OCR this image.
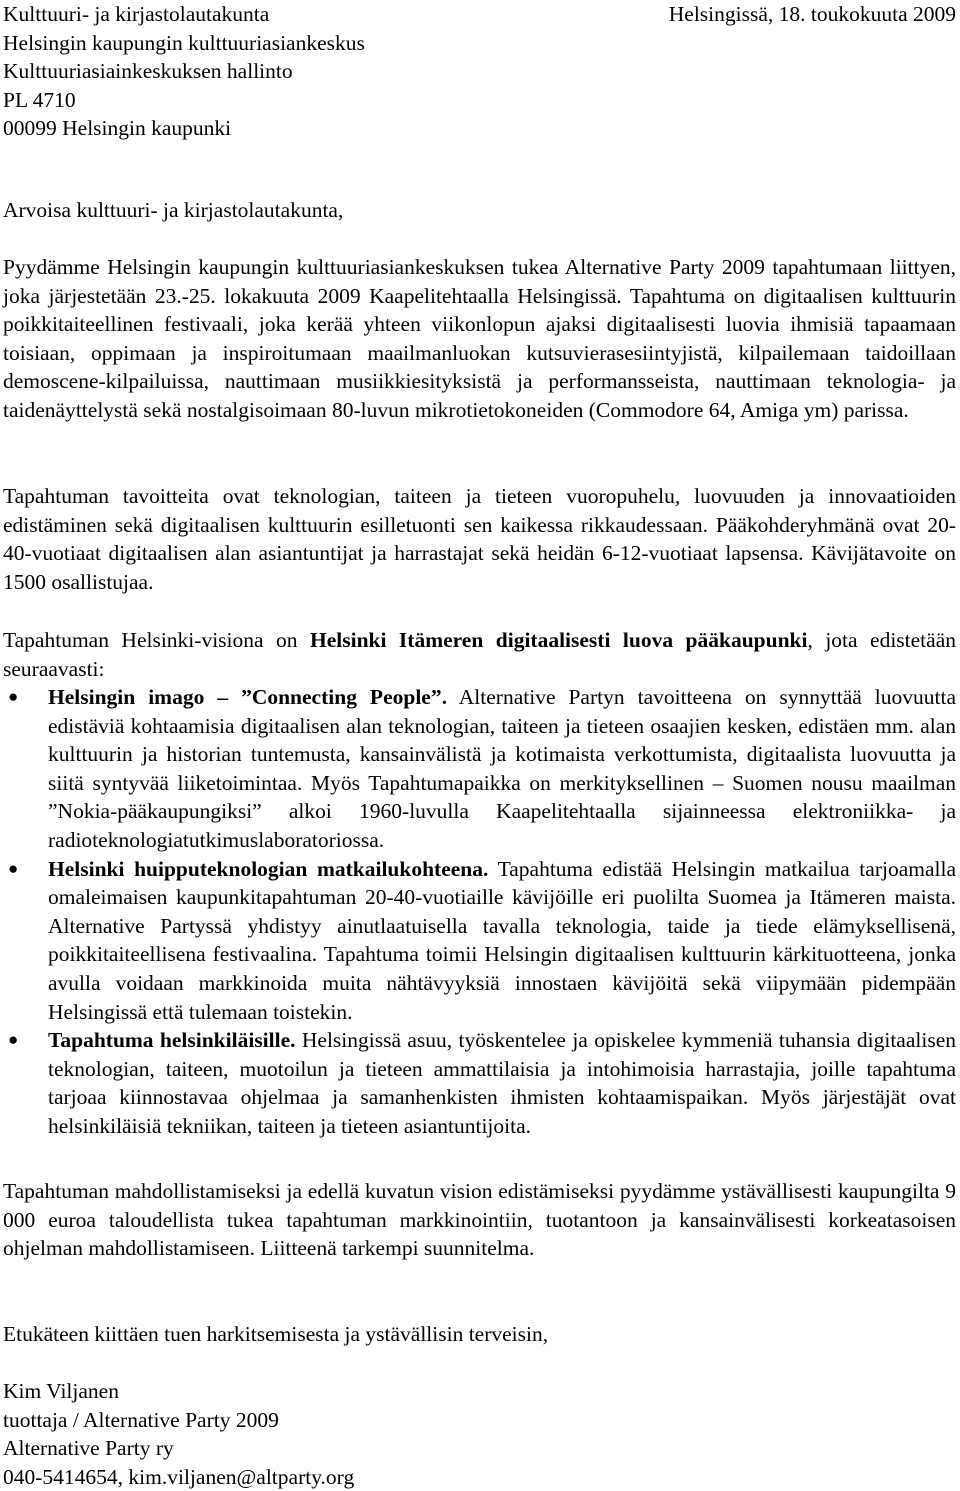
Kulttuuri- ja kirjastolautakunta
Helsingin kaupungin kulttuuriasiankeskus
Kulttuuriasiainkeskuksen hallinto
PL 4710
00099 Helsingin kaupunki
Helsingissä, 18. toukokuuta 2009
Arvoisa kulttuuri- ja kirjastolautakunta,

Pyydämme Helsingin kaupungin kulttuuriasiankeskuksen tukea Alternative Party 2009 tapahtumaan liittyen, joka järjestetään 23.-25. lokakuuta 2009 Kaapelitehtaalla Helsingissä. Tapahtuma on digitaalisen kulttuurin poikkitaiteellinen festivaali, joka kerää yhteen viikonlopun ajaksi digitaalisesti luovia ihmisiä tapaamaan toisiaan, oppimaan ja inspiroitumaan maailmanluokan kutsuvierasesiintyjistä, kilpailemaan taidoillaan demoscene-kilpailuissa, nauttimaan musiikkiesityksistä ja performansseista, nauttimaan teknologia- ja taidenäyttelystä sekä nostalgisoimaan 80-luvun mikrotietokoneiden (Commodore 64, Amiga ym) parissa.

Tapahtuman tavoitteita ovat teknologian, taiteen ja tieteen vuoropuhelu, luovuuden ja innovaatioiden edistäminen sekä digitaalisen kulttuurin esilletuonti sen kaikessa rikkaudessaan. Pääkohderyhmänä ovat 20-40-vuotiaat digitaalisen alan asiantuntijat ja harrastajat sekä heidän 6-12-vuotiaat lapsensa. Kävijätavoite on 1500 osallistujaa.

Tapahtuman Helsinki-visiona on Helsinki Itämeren digitaalisesti luova pääkaupunki, jota edistetään seuraavasti:

● Helsingin imago – ”Connecting People”. Alternative Partyn tavoitteena on synnyttää luovuutta edistäviä kohtaamisia digitaalisen alan teknologian, taiteen ja tieteen osaajien kesken, edistäen mm. alan kulttuurin ja historian tuntemusta, kansainvälistä ja kotimaista verkottumista, digitaalista luovuutta ja siitä syntyvää liiketoimintaa. Myös Tapahtumapaikka on merkityksellinen – Suomen nousu maailman ”Nokia-pääkaupungiksi” alkoi 1960-luvulla Kaapelitehtaalla sijainneessa elektroniikka- ja radioteknologiatutkimuslaboratoriossa.
● Helsinki huipputeknologian matkailukohteena. Tapahtuma edistää Helsingin matkailua tarjoamalla omaleimaisen kaupunkitapahtuman 20-40-vuotiaille kävijöille eri puolilta Suomea ja Itämeren maista. Alternative Partyssä yhdistyy ainutlaatuisella tavalla teknologia, taide ja tiede elämyksellisenä, poikkitaiteellisena festivaalina. Tapahtuma toimii Helsingin digitaalisen kulttuurin kärkituotteena, jonka avulla voidaan markkinoida muita nähtävyyksiä innostaen kävijöitä sekä viipymään pidempään Helsingissä että tulemaan toistekin.
● Tapahtuma helsinkiläisille. Helsingissä asuu, työskentelee ja opiskelee kymmeniä tuhansia digitaalisen teknologian, taiteen, muotoilun ja tieteen ammattilaisia ja intohimoisia harrastajia, joille tapahtuma tarjoaa kiinnostavaa ohjelmaa ja samanhenkisten ihmisten kohtaamispaikan. Myös järjestäjät ovat helsinkiläisiä tekniikan, taiteen ja tieteen asiantuntijoita.

Tapahtuman mahdollistamiseksi ja edellä kuvatun vision edistämiseksi pyydämme ystävällisesti kaupungilta 9 000 euroa taloudellista tukea tapahtuman markkinointiin, tuotantoon ja kansainvälisesti korkeatasoisen ohjelman mahdollistamiseen. Liitteenä tarkempi suunnitelma.

Etukäteen kiittäen tuen harkitsemisesta ja ystävällisin terveisin,
Kim Viljanen
tuottaja / Alternative Party 2009
Alternative Party ry
040-5414654, kim.viljanen@altparty.org
